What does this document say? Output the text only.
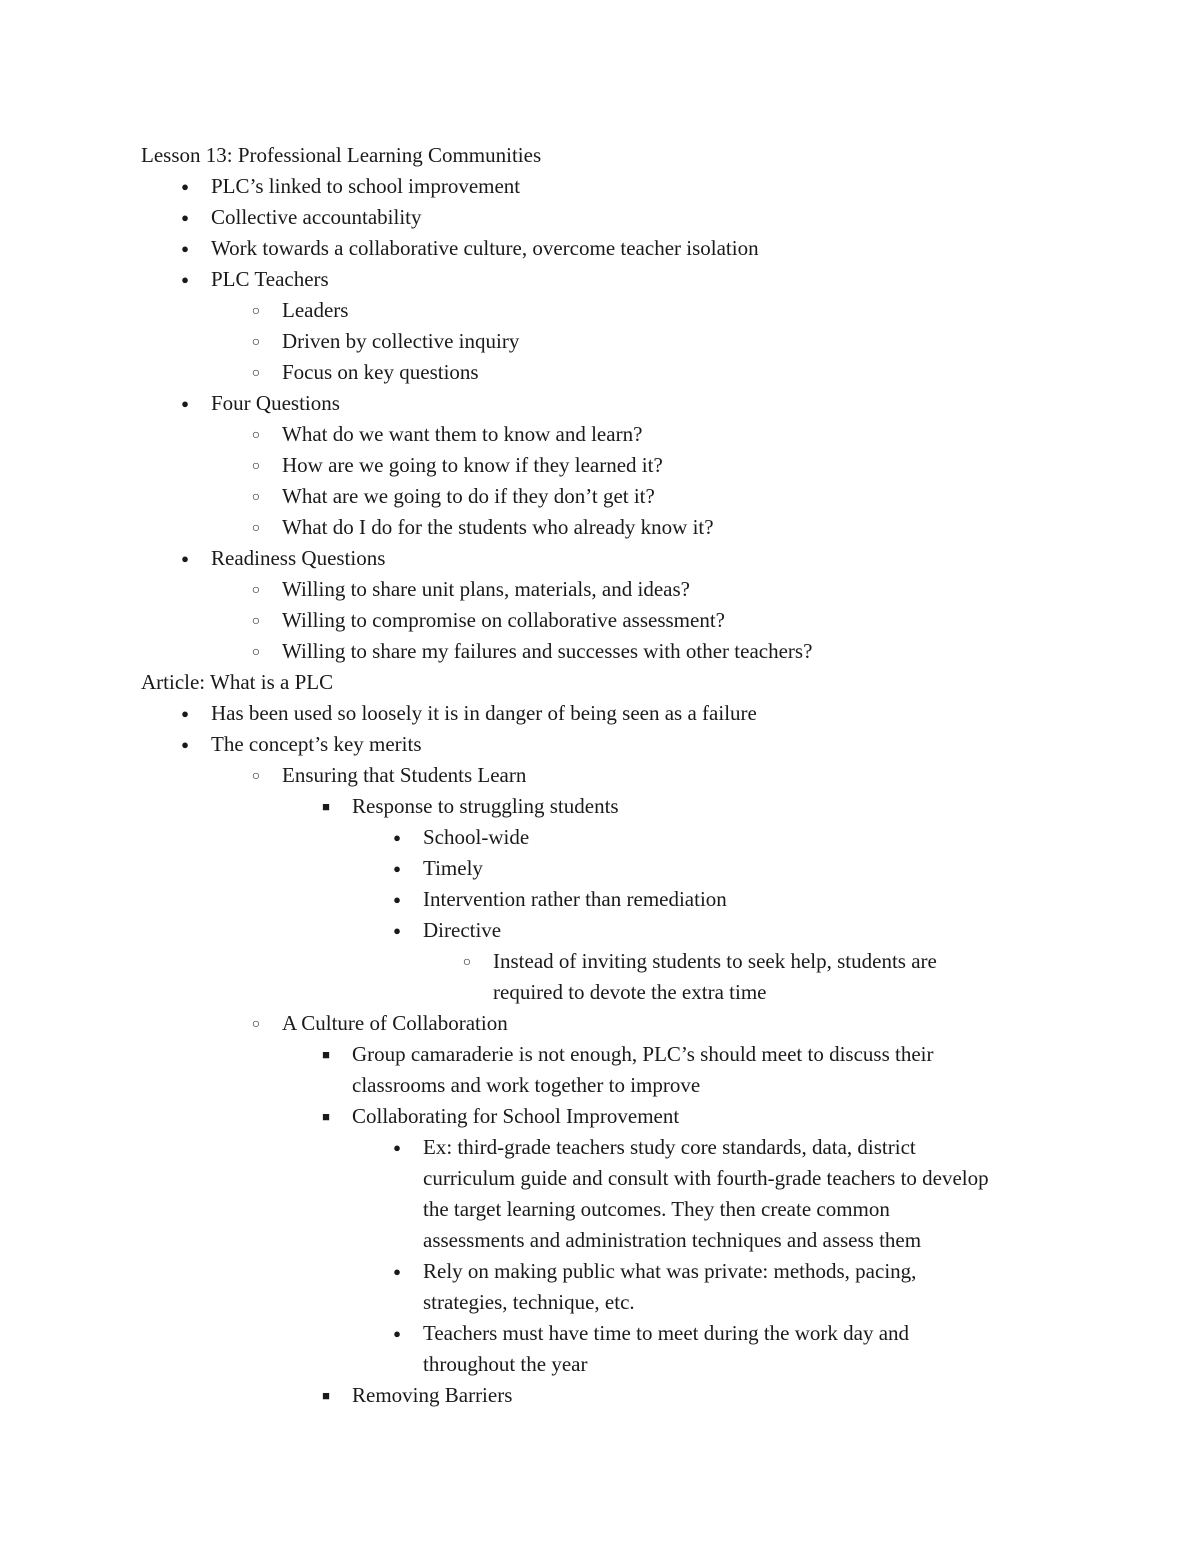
Lesson 13: Professional Learning Communities
●
PLC’s linked to school improvement
●
Collective accountability
●
Work towards a collaborative culture, overcome teacher isolation
●
PLC Teachers
○
Leaders
○
Driven by collective inquiry
○
Focus on key questions
●
Four Questions
○
What do we want them to know and learn?
○
How are we going to know if they learned it?
○
What are we going to do if they don’t get it?
○
What do I do for the students who already know it?
●
Readiness Questions
○
Willing to share unit plans, materials, and ideas?
○
Willing to compromise on collaborative assessment?
○
Willing to share my failures and successes with other teachers?
Article: What is a PLC
●
Has been used so loosely it is in danger of being seen as a failure
●
The concept’s key merits
○
Ensuring that Students Learn
■
Response to struggling students
●
School-wide
●
Timely
●
Intervention rather than remediation
●
Directive
○
Instead of inviting students to seek help, students are
required to devote the extra time
○
A Culture of Collaboration
■
Group camaraderie is not enough, PLC’s should meet to discuss their
classrooms and work together to improve
■
Collaborating for School Improvement
●
Ex: third-grade teachers study core standards, data, district
curriculum guide and consult with fourth-grade teachers to develop
the target learning outcomes. They then create common
assessments and administration techniques and assess them
●
Rely on making public what was private: methods, pacing,
strategies, technique, etc.
●
Teachers must have time to meet during the work day and
throughout the year
■
Removing Barriers
